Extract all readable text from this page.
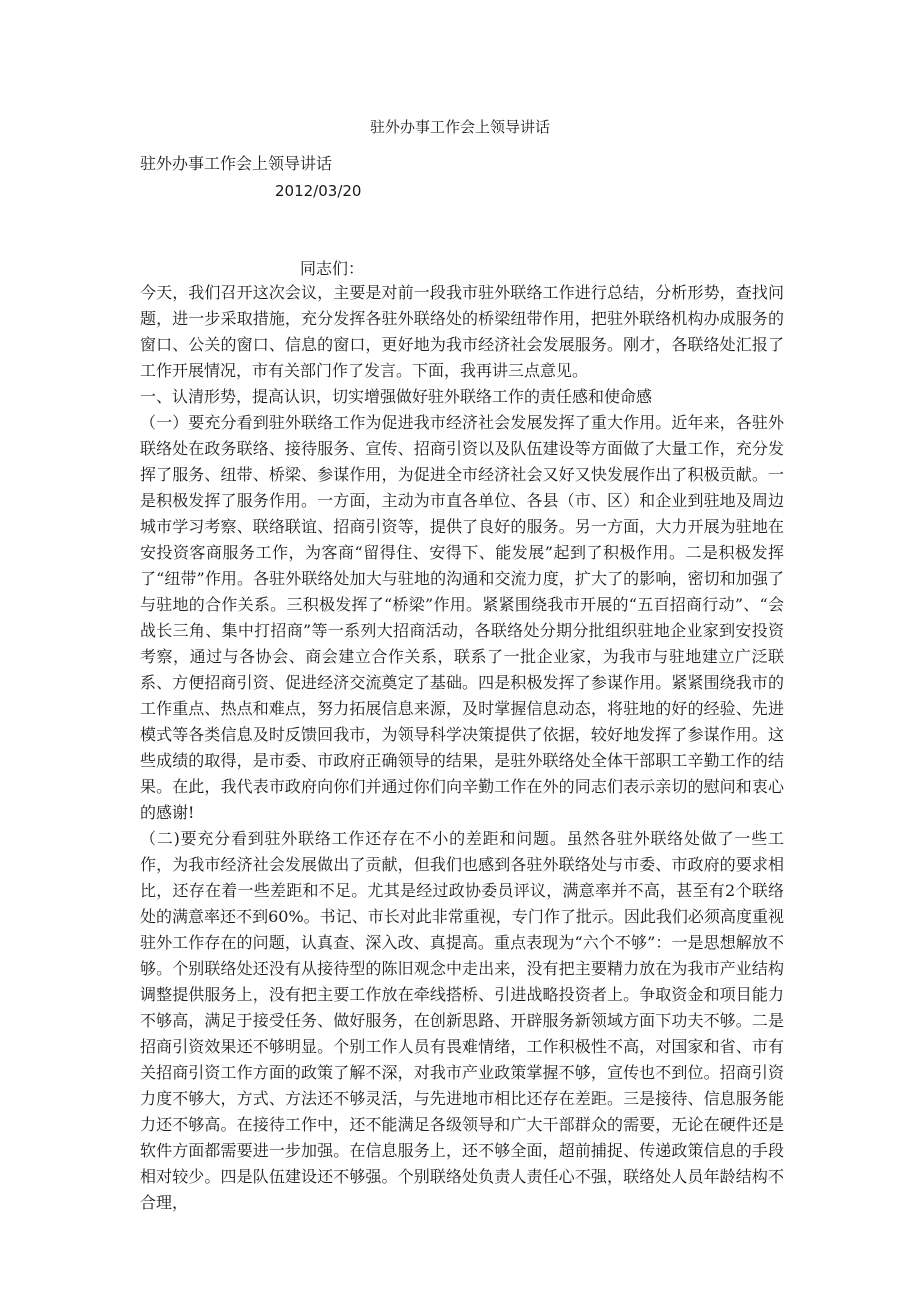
驻外办事工作会上领导讲话
驻外办事工作会上领导讲话
2012/03/20
同志们：

今天，我们召开这次会议，主要是对前一段我市驻外联络工作进行总结，分析形势，查找问题，进一步采取措施，充分发挥各驻外联络处的桥梁纽带作用，把驻外联络机构办成服务的窗口、公关的窗口、信息的窗口，更好地为我市经济社会发展服务。刚才，各联络处汇报了工作开展情况，市有关部门作了发言。下面，我再讲三点意见。

一、认清形势，提高认识，切实增强做好驻外联络工作的责任感和使命感

（一）要充分看到驻外联络工作为促进我市经济社会发展发挥了重大作用。近年来，各驻外联络处在政务联络、接待服务、宣传、招商引资以及队伍建设等方面做了大量工作，充分发挥了服务、纽带、桥梁、参谋作用，为促进全市经济社会又好又快发展作出了积极贡献。一是积极发挥了服务作用。一方面，主动为市直各单位、各县（市、区）和企业到驻地及周边城市学习考察、联络联谊、招商引资等，提供了良好的服务。另一方面，大力开展为驻地在安投资客商服务工作，为客商“留得住、安得下、能发展”起到了积极作用。二是积极发挥了“纽带”作用。各驻外联络处加大与驻地的沟通和交流力度，扩大了的影响，密切和加强了与驻地的合作关系。三积极发挥了“桥梁”作用。紧紧围绕我市开展的“五百招商行动”、“会战长三角、集中打招商”等一系列大招商活动，各联络处分期分批组织驻地企业家到安投资考察，通过与各协会、商会建立合作关系，联系了一批企业家，为我市与驻地建立广泛联系、方便招商引资、促进经济交流奠定了基础。四是积极发挥了参谋作用。紧紧围绕我市的工作重点、热点和难点，努力拓展信息来源，及时掌握信息动态，将驻地的好的经验、先进模式等各类信息及时反馈回我市，为领导科学决策提供了依据，较好地发挥了参谋作用。这些成绩的取得，是市委、市政府正确领导的结果，是驻外联络处全体干部职工辛勤工作的结果。在此，我代表市政府向你们并通过你们向辛勤工作在外的同志们表示亲切的慰问和衷心的感谢!

（二)要充分看到驻外联络工作还存在不小的差距和问题。虽然各驻外联络处做了一些工作，为我市经济社会发展做出了贡献，但我们也感到各驻外联络处与市委、市政府的要求相比，还存在着一些差距和不足。尤其是经过政协委员评议，满意率并不高，甚至有2个联络处的满意率还不到60%。书记、市长对此非常重视，专门作了批示。因此我们必须高度重视驻外工作存在的问题，认真查、深入改、真提高。重点表现为“六个不够”：一是思想解放不够。个别联络处还没有从接待型的陈旧观念中走出来，没有把主要精力放在为我市产业结构调整提供服务上，没有把主要工作放在牵线搭桥、引进战略投资者上。争取资金和项目能力不够高，满足于接受任务、做好服务，在创新思路、开辟服务新领域方面下功夫不够。二是招商引资效果还不够明显。个别工作人员有畏难情绪，工作积极性不高，对国家和省、市有关招商引资工作方面的政策了解不深，对我市产业政策掌握不够，宣传也不到位。招商引资力度不够大，方式、方法还不够灵活，与先进地市相比还存在差距。三是接待、信息服务能力还不够高。在接待工作中，还不能满足各级领导和广大干部群众的需要，无论在硬件还是软件方面都需要进一步加强。在信息服务上，还不够全面，超前捕捉、传递政策信息的手段相对较少。四是队伍建设还不够强。个别联络处负责人责任心不强，联络处人员年龄结构不合理，
